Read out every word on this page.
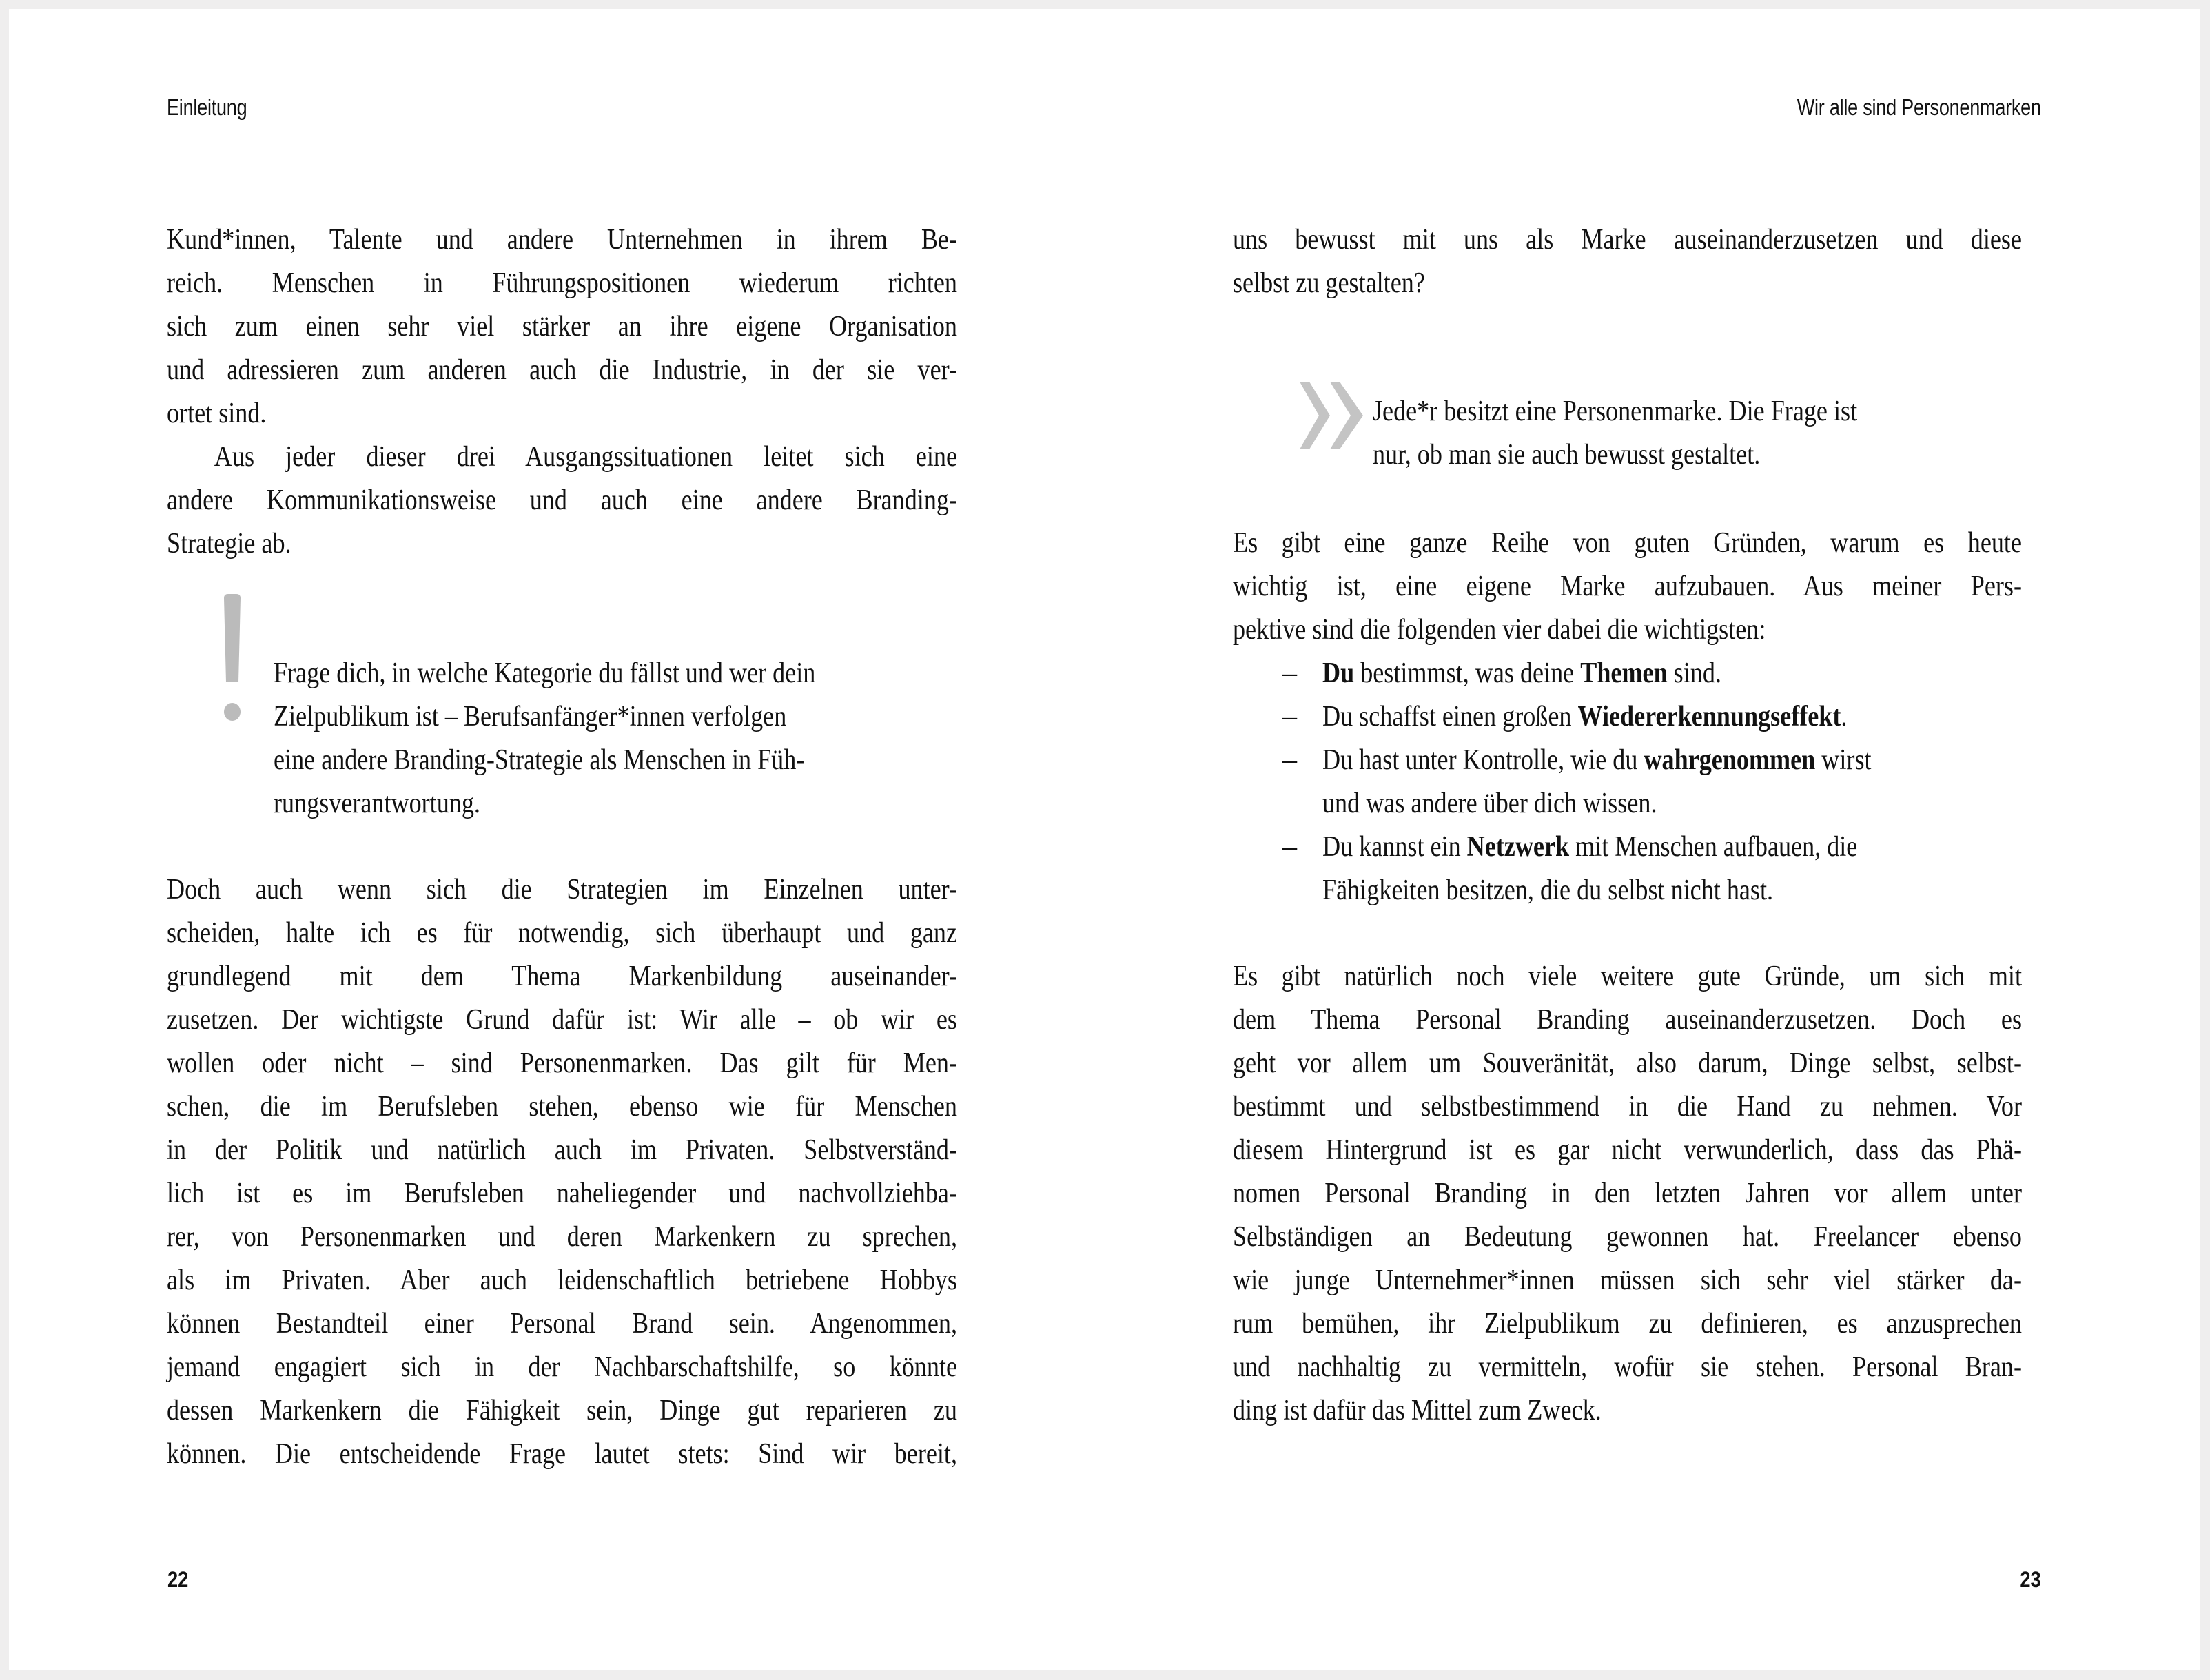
Einleitung	Wir alle sind Personenmarken
Kund*innen, Talente und andere Unternehmen in ihrem Be-
reich. Menschen in Führungspositionen wiederum richten
sich zum einen sehr viel stärker an ihre eigene Organisation
und adressieren zum anderen auch die Industrie, in der sie ver-
ortet sind.
Aus jeder dieser drei Ausgangssituationen leitet sich eine
andere Kommunikationsweise und auch eine andere Branding-
Strategie ab.
Frage dich, in welche Kategorie du fällst und wer dein
Zielpublikum ist – Berufsanfänger*innen verfolgen
eine andere Branding-Strategie als Menschen in Füh-
rungsverantwortung.
Doch auch wenn sich die Strategien im Einzelnen unter-
scheiden, halte ich es für notwendig, sich überhaupt und ganz
grundlegend mit dem Thema Markenbildung auseinander-
zusetzen. Der wichtigste Grund dafür ist: Wir alle – ob wir es
wollen oder nicht – sind Personenmarken. Das gilt für Men-
schen, die im Berufsleben stehen, ebenso wie für Menschen
in der Politik und natürlich auch im Privaten. Selbstverständ-
lich ist es im Berufsleben naheliegender und nachvollziehba-
rer, von Personenmarken und deren Markenkern zu sprechen,
als im Privaten. Aber auch leidenschaftlich betriebene Hobbys
können Bestandteil einer Personal Brand sein. Angenommen,
jemand engagiert sich in der Nachbarschaftshilfe, so könnte
dessen Markenkern die Fähigkeit sein, Dinge gut reparieren zu
können. Die entscheidende Frage lautet stets: Sind wir bereit,
22
uns bewusst mit uns als Marke auseinanderzusetzen und diese
selbst zu gestalten?
Jede*r besitzt eine Personenmarke. Die Frage ist
nur, ob man sie auch bewusst gestaltet.
Es gibt eine ganze Reihe von guten Gründen, warum es heute
wichtig ist, eine eigene Marke aufzubauen. Aus meiner Pers-
pektive sind die folgenden vier dabei die wichtigsten:
– Du bestimmst, was deine Themen sind.
– Du schaffst einen großen Wiedererkennungseffekt.
– Du hast unter Kontrolle, wie du wahrgenommen wirst
und was andere über dich wissen.
– Du kannst ein Netzwerk mit Menschen aufbauen, die
Fähigkeiten besitzen, die du selbst nicht hast.
Es gibt natürlich noch viele weitere gute Gründe, um sich mit
dem Thema Personal Branding auseinanderzusetzen. Doch es
geht vor allem um Souveränität, also darum, Dinge selbst, selbst-
bestimmt und selbstbestimmend in die Hand zu nehmen. Vor
diesem Hintergrund ist es gar nicht verwunderlich, dass das Phä-
nomen Personal Branding in den letzten Jahren vor allem unter
Selbständigen an Bedeutung gewonnen hat. Freelancer ebenso
wie junge Unternehmer*innen müssen sich sehr viel stärker da-
rum bemühen, ihr Zielpublikum zu definieren, es anzusprechen
und nachhaltig zu vermitteln, wofür sie stehen. Personal Bran-
ding ist dafür das Mittel zum Zweck.
23
